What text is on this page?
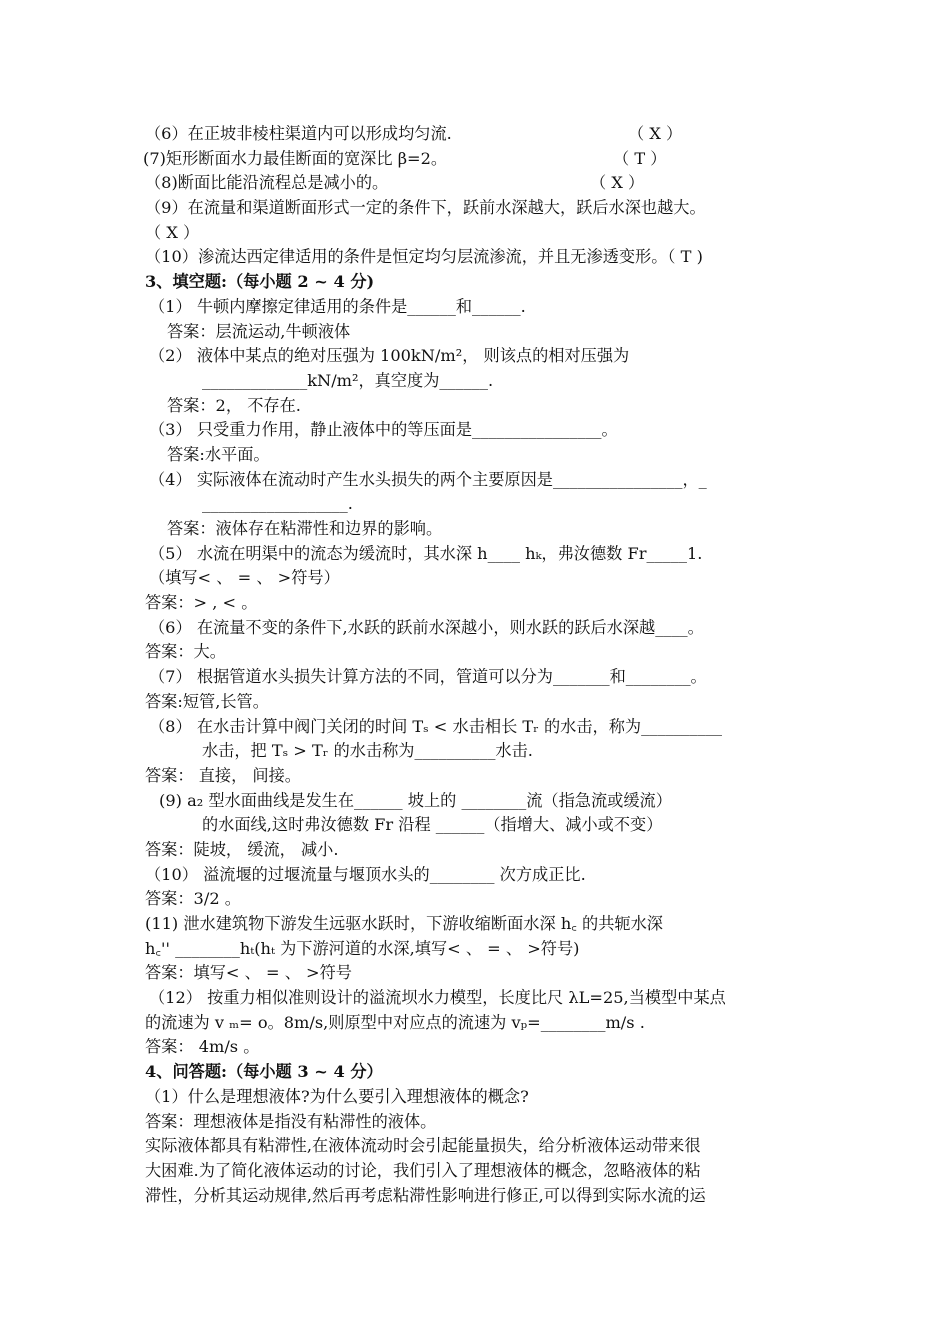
（6）在正坡非棱柱渠道内可以形成均匀流.	（ X ）
(7)矩形断面水力最佳断面的宽深比 β=2。	（ T ）
（8)断面比能沿流程总是减小的。	（ X ）
（9）在流量和渠道断面形式一定的条件下，跃前水深越大，跃后水深也越大。
（ X ）
（10）渗流达西定律适用的条件是恒定均匀层流渗流，并且无渗透变形。（ T )
3、填空题:（每小题 2 ~ 4 分)
（1） 牛顿内摩擦定律适用的条件是______和______.
答案：层流运动,牛顿液体
（2） 液体中某点的绝对压强为 100kN/m²， 则该点的相对压强为
_____________kN/m²，真空度为______.
答案：2， 不存在.
（3） 只受重力作用，静止液体中的等压面是________________。
答案:水平面。
（4） 实际液体在流动时产生水头损失的两个主要原因是________________，_
__________________.
答案：液体存在粘滞性和边界的影响。
（5） 水流在明渠中的流态为缓流时，其水深 h____ hₖ，弗汝德数 Fr_____1.
（填写< 、 = 、 >符号）
答案：> , < 。
（6） 在流量不变的条件下,水跃的跃前水深越小，则水跃的跃后水深越____。
答案：大。
（7） 根据管道水头损失计算方法的不同，管道可以分为_______和________。
答案:短管,长管。
（8） 在水击计算中阀门关闭的时间 Tₛ < 水击相长 Tᵣ 的水击，称为__________
水击，把 Tₛ > Tᵣ 的水击称为__________水击.
答案： 直接， 间接。
(9) a₂ 型水面曲线是发生在______ 坡上的 ________流（指急流或缓流）
的水面线,这时弗汝德数 Fr 沿程 ______（指增大、减小或不变）
答案：陡坡， 缓流， 减小.
（10） 溢流堰的过堰流量与堰顶水头的________ 次方成正比.
答案：3/2 。
(11) 泄水建筑物下游发生远驱水跃时，下游收缩断面水深 h꜀ 的共轭水深
h꜀'' ________hₜ(hₜ 为下游河道的水深,填写< 、 = 、 >符号)
答案：填写< 、 = 、 >符号
（12） 按重力相似准则设计的溢流坝水力模型，长度比尺 λL=25,当模型中某点
的流速为 v ₘ= o。8m/s,则原型中对应点的流速为 vₚ=________m/s .
答案： 4m/s 。
4、问答题:（每小题 3 ~ 4 分）
（1）什么是理想液体?为什么要引入理想液体的概念?
答案：理想液体是指没有粘滞性的液体。
实际液体都具有粘滞性,在液体流动时会引起能量损失，给分析液体运动带来很
大困难.为了简化液体运动的讨论，我们引入了理想液体的概念，忽略液体的粘
滞性，分析其运动规律,然后再考虑粘滞性影响进行修正,可以得到实际水流的运
